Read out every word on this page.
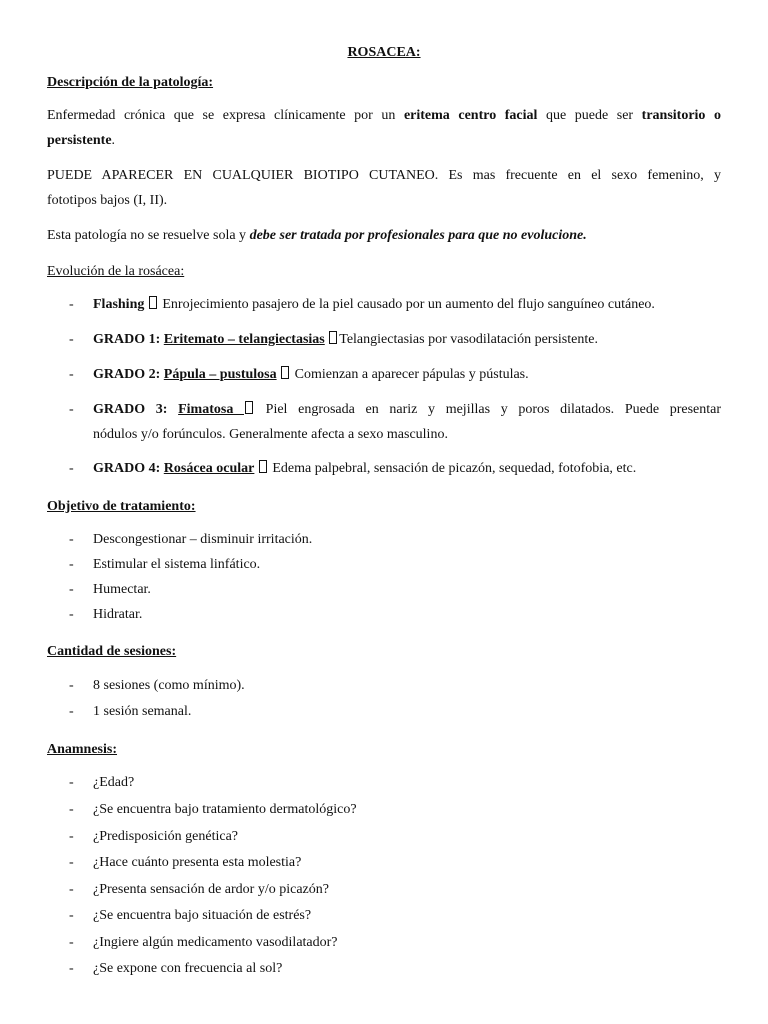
ROSACEA:
Descripción de la patología:
Enfermedad crónica que se expresa clínicamente por un eritema centro facial que puede ser transitorio o
persistente.
PUEDE APARECER EN CUALQUIER BIOTIPO CUTANEO. Es mas frecuente en el sexo femenino, y
fototipos bajos (I, II).
Esta patología no se resuelve sola y debe ser tratada por profesionales para que no evolucione.
Evolución de la rosácea:
- Flashing Enrojecimiento pasajero de la piel causado por un aumento del flujo sanguíneo cutáneo.
- GRADO 1: Eritemato – telangiectasias Telangiectasias por vasodilatación persistente.
- GRADO 2: Pápula – pustulosa Comienzan a aparecer pápulas y pústulas.
- GRADO 3: Fimatosa  Piel engrosada en nariz y mejillas y poros dilatados. Puede presentar
nódulos y/o forúnculos. Generalmente afecta a sexo masculino.
- GRADO 4: Rosácea ocular Edema palpebral, sensación de picazón, sequedad, fotofobia, etc.
Objetivo de tratamiento:
- Descongestionar – disminuir irritación.
- Estimular el sistema linfático.
- Humectar.
- Hidratar.
Cantidad de sesiones:
- 8 sesiones (como mínimo).
- 1 sesión semanal.
Anamnesis:
- ¿Edad?
- ¿Se encuentra bajo tratamiento dermatológico?
- ¿Predisposición genética?
- ¿Hace cuánto presenta esta molestia?
- ¿Presenta sensación de ardor y/o picazón?
- ¿Se encuentra bajo situación de estrés?
- ¿Ingiere algún medicamento vasodilatador?
- ¿Se expone con frecuencia al sol?
